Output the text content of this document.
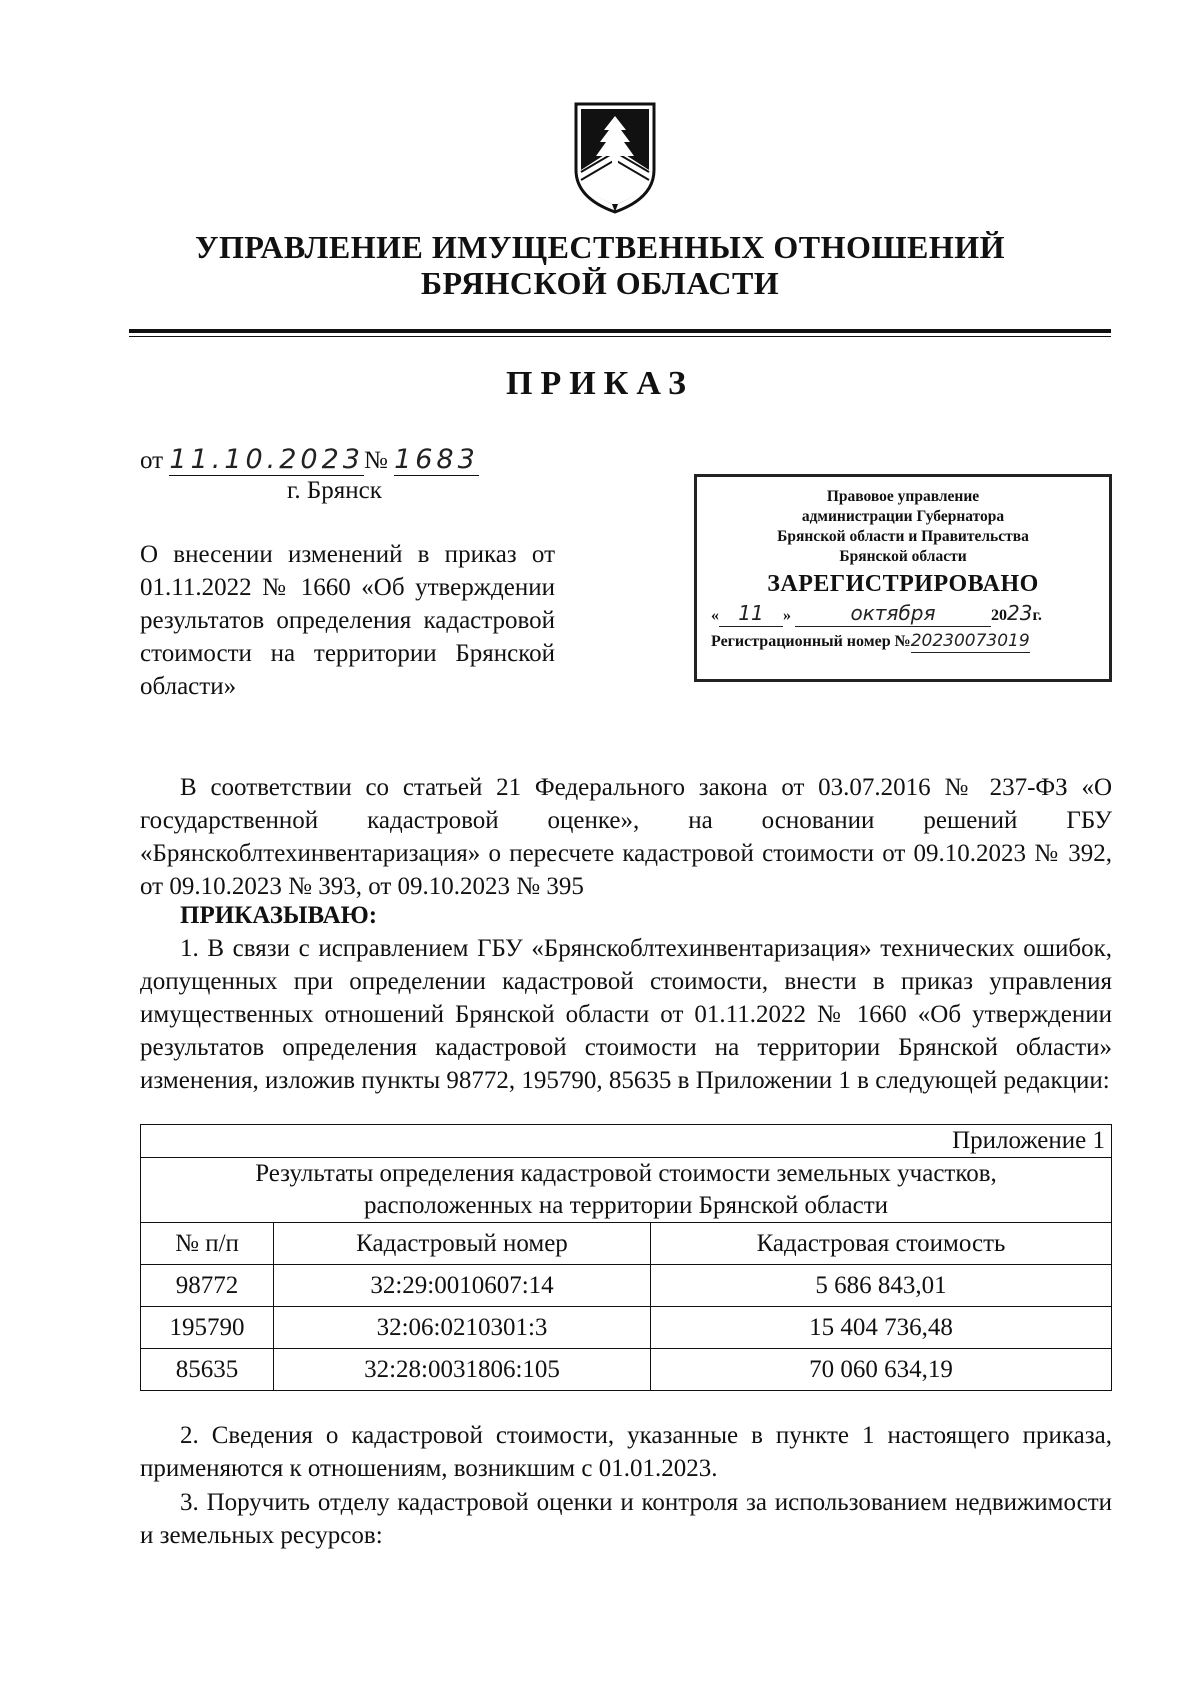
УПРАВЛЕНИЕ ИМУЩЕСТВЕННЫХ ОТНОШЕНИЙ
БРЯНСКОЙ ОБЛАСТИ
ПРИКАЗ
от 11.10.2023№ 1683
г. Брянск
О внесении изменений в приказ от 01.11.2022 № 1660 «Об утверждении результатов определения кадастровой стоимости на территории Брянской области»
Правовое управление
администрации Губернатора
Брянской области и Правительства
Брянской области
ЗАРЕГИСТРИРОВАНО
« 11 »	октября	2023г.
Регистрационный номер №20230073019
В соответствии со статьей 21 Федерального закона от 03.07.2016 № 237-ФЗ «О государственной кадастровой оценке», на основании решений ГБУ «Брянскоблтехинвентаризация» о пересчете кадастровой стоимости от 09.10.2023 № 392, от 09.10.2023 № 393, от 09.10.2023 № 395
ПРИКАЗЫВАЮ:
1. В связи с исправлением ГБУ «Брянскоблтехинвентаризация» технических ошибок, допущенных при определении кадастровой стоимости, внести в приказ управления имущественных отношений Брянской области от 01.11.2022 № 1660 «Об утверждении результатов определения кадастровой стоимости на территории Брянской области» изменения, изложив пункты 98772, 195790, 85635 в Приложении 1 в следующей редакции:
Приложение 1		

Результаты определения кадастровой стоимости земельных участков,
расположенных на территории Брянской области		

№ п/п	Кадастровый номер	Кадастровая стоимость
98772	32:29:0010607:14	5 686 843,01
195790	32:06:0210301:3	15 404 736,48
85635	32:28:0031806:105	70 060 634,19
2. Сведения о кадастровой стоимости, указанные в пункте 1 настоящего приказа, применяются к отношениям, возникшим с 01.01.2023.
3. Поручить отделу кадастровой оценки и контроля за использованием недвижимости и земельных ресурсов:
